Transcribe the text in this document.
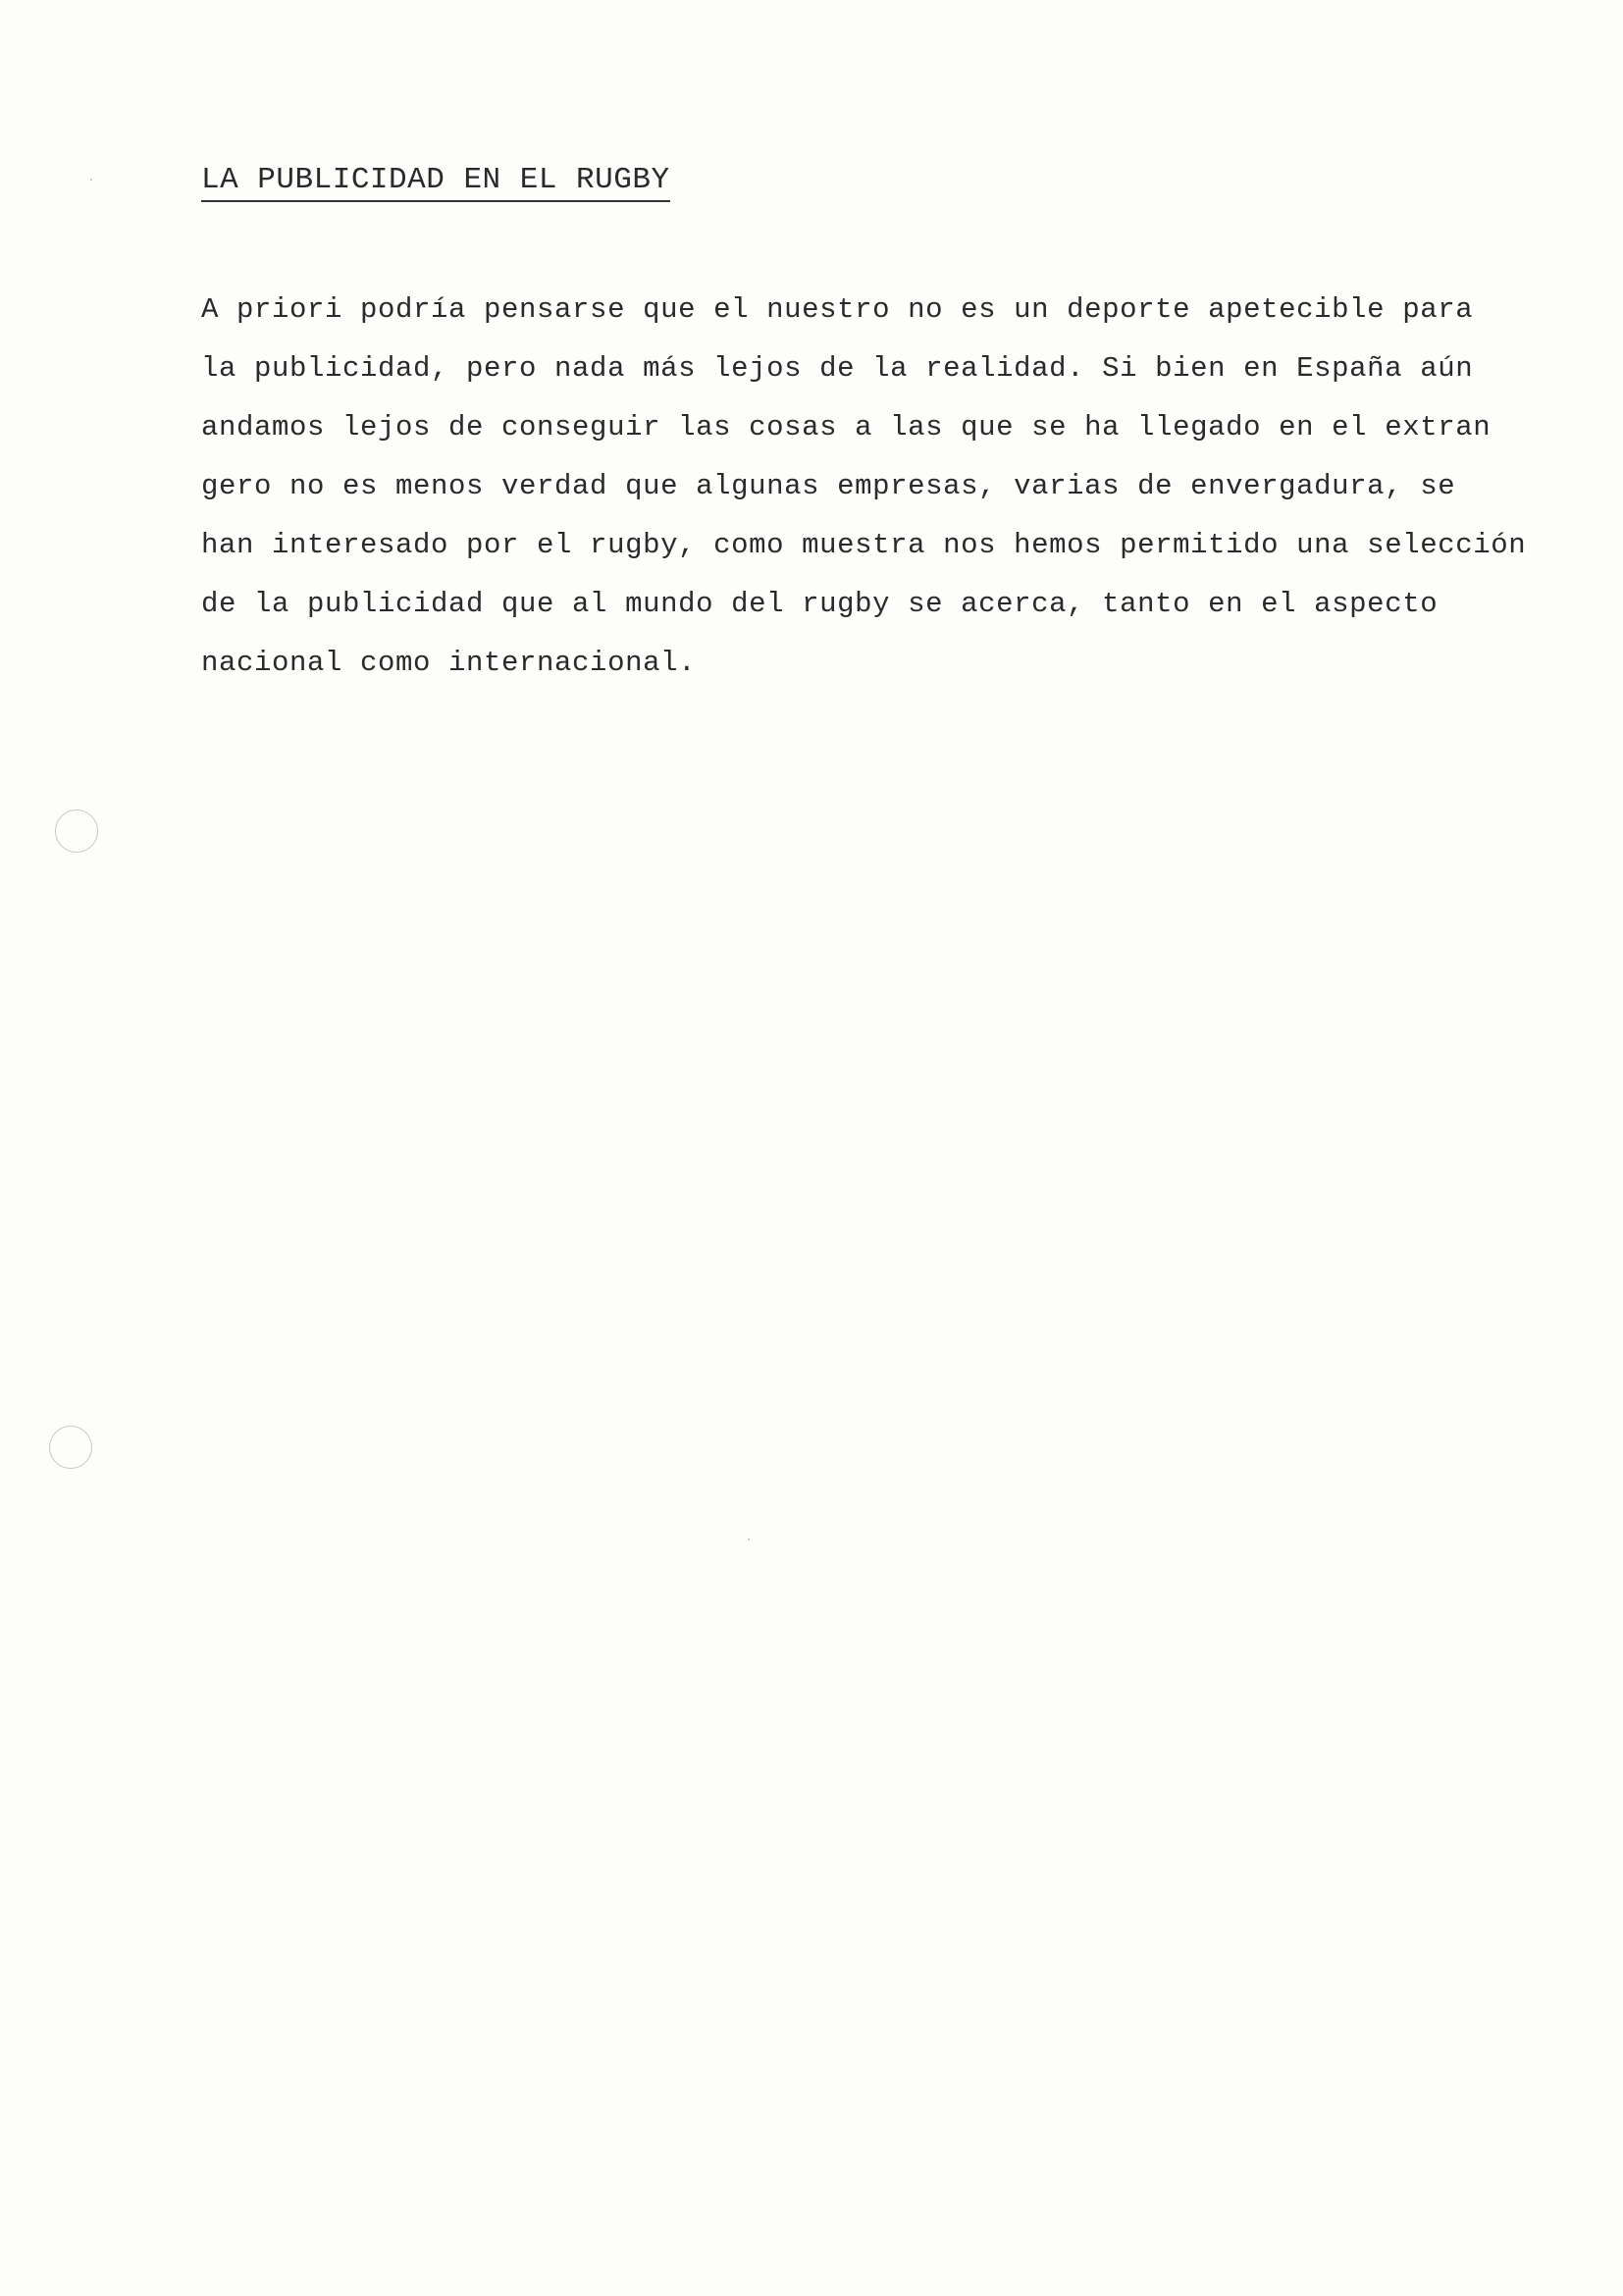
LA PUBLICIDAD EN EL RUGBY
A priori podría pensarse que el nuestro no es un deporte apetecible para
la publicidad, pero nada más lejos de la realidad. Si bien en España aún
andamos lejos de conseguir las cosas a las que se ha llegado en el extran
gero no es menos verdad que algunas empresas, varias de envergadura, se
han interesado por el rugby, como muestra nos hemos permitido una selección
de la publicidad que al mundo del rugby se acerca, tanto en el aspecto
nacional como internacional.
